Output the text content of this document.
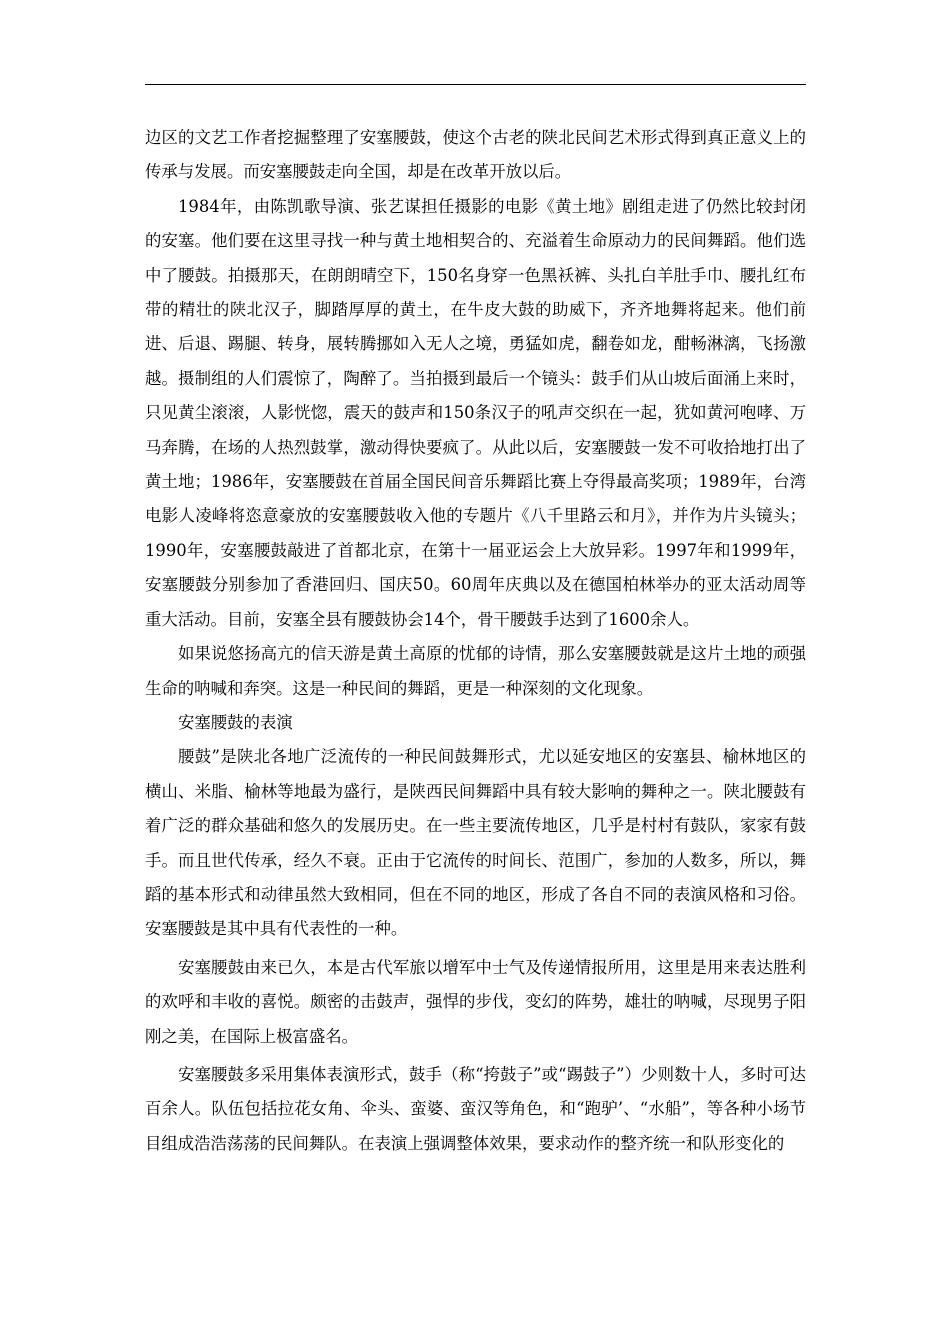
边区的文艺工作者挖掘整理了安塞腰鼓，使这个古老的陕北民间艺术形式得到真正意义上的传承与发展。而安塞腰鼓走向全国，却是在改革开放以后。

1984年，由陈凯歌导演、张艺谋担任摄影的电影《黄土地》剧组走进了仍然比较封闭的安塞。他们要在这里寻找一种与黄土地相契合的、充溢着生命原动力的民间舞蹈。他们选中了腰鼓。拍摄那天，在朗朗晴空下，150名身穿一色黑袄裤、头扎白羊肚手巾、腰扎红布带的精壮的陕北汉子，脚踏厚厚的黄土，在牛皮大鼓的助威下，齐齐地舞将起来。他们前进、后退、踢腿、转身，展转腾挪如入无人之境，勇猛如虎，翻卷如龙，酣畅淋漓，飞扬激越。摄制组的人们震惊了，陶醉了。当拍摄到最后一个镜头：鼓手们从山坡后面涌上来时，只见黄尘滚滚，人影恍惚，震天的鼓声和150条汉子的吼声交织在一起，犹如黄河咆哮、万马奔腾，在场的人热烈鼓掌，激动得快要疯了。从此以后，安塞腰鼓一发不可收拾地打出了黄土地；1986年，安塞腰鼓在首届全国民间音乐舞蹈比赛上夺得最高奖项；1989年，台湾电影人凌峰将恣意豪放的安塞腰鼓收入他的专题片《八千里路云和月》，并作为片头镜头；1990年，安塞腰鼓敲进了首都北京，在第十一届亚运会上大放异彩。1997年和1999年，安塞腰鼓分别参加了香港回归、国庆50。60周年庆典以及在德国柏林举办的亚太活动周等重大活动。目前，安塞全县有腰鼓协会14个，骨干腰鼓手达到了1600余人。

如果说悠扬高亢的信天游是黄土高原的忧郁的诗情，那么安塞腰鼓就是这片土地的顽强生命的呐喊和奔突。这是一种民间的舞蹈，更是一种深刻的文化现象。

安塞腰鼓的表演

腰鼓”是陕北各地广泛流传的一种民间鼓舞形式，尤以延安地区的安塞县、榆林地区的横山、米脂、榆林等地最为盛行，是陕西民间舞蹈中具有较大影响的舞种之一。陕北腰鼓有着广泛的群众基础和悠久的发展历史。在一些主要流传地区，几乎是村村有鼓队，家家有鼓手。而且世代传承，经久不衰。正由于它流传的时间长、范围广，参加的人数多，所以，舞蹈的基本形式和动律虽然大致相同，但在不同的地区，形成了各自不同的表演风格和习俗。安塞腰鼓是其中具有代表性的一种。

安塞腰鼓由来已久，本是古代军旅以增军中士气及传递情报所用，这里是用来表达胜利的欢呼和丰收的喜悦。颇密的击鼓声，强悍的步伐，变幻的阵势，雄壮的呐喊，尽现男子阳刚之美，在国际上极富盛名。

安塞腰鼓多采用集体表演形式，鼓手（称“挎鼓子”或“踢鼓子”）少则数十人，多时可达百余人。队伍包括拉花女角、伞头、蛮婆、蛮汉等角色，和“跑驴’、“水船”，等各种小场节目组成浩浩荡荡的民间舞队。在表演上强调整体效果，要求动作的整齐统一和队形变化的
